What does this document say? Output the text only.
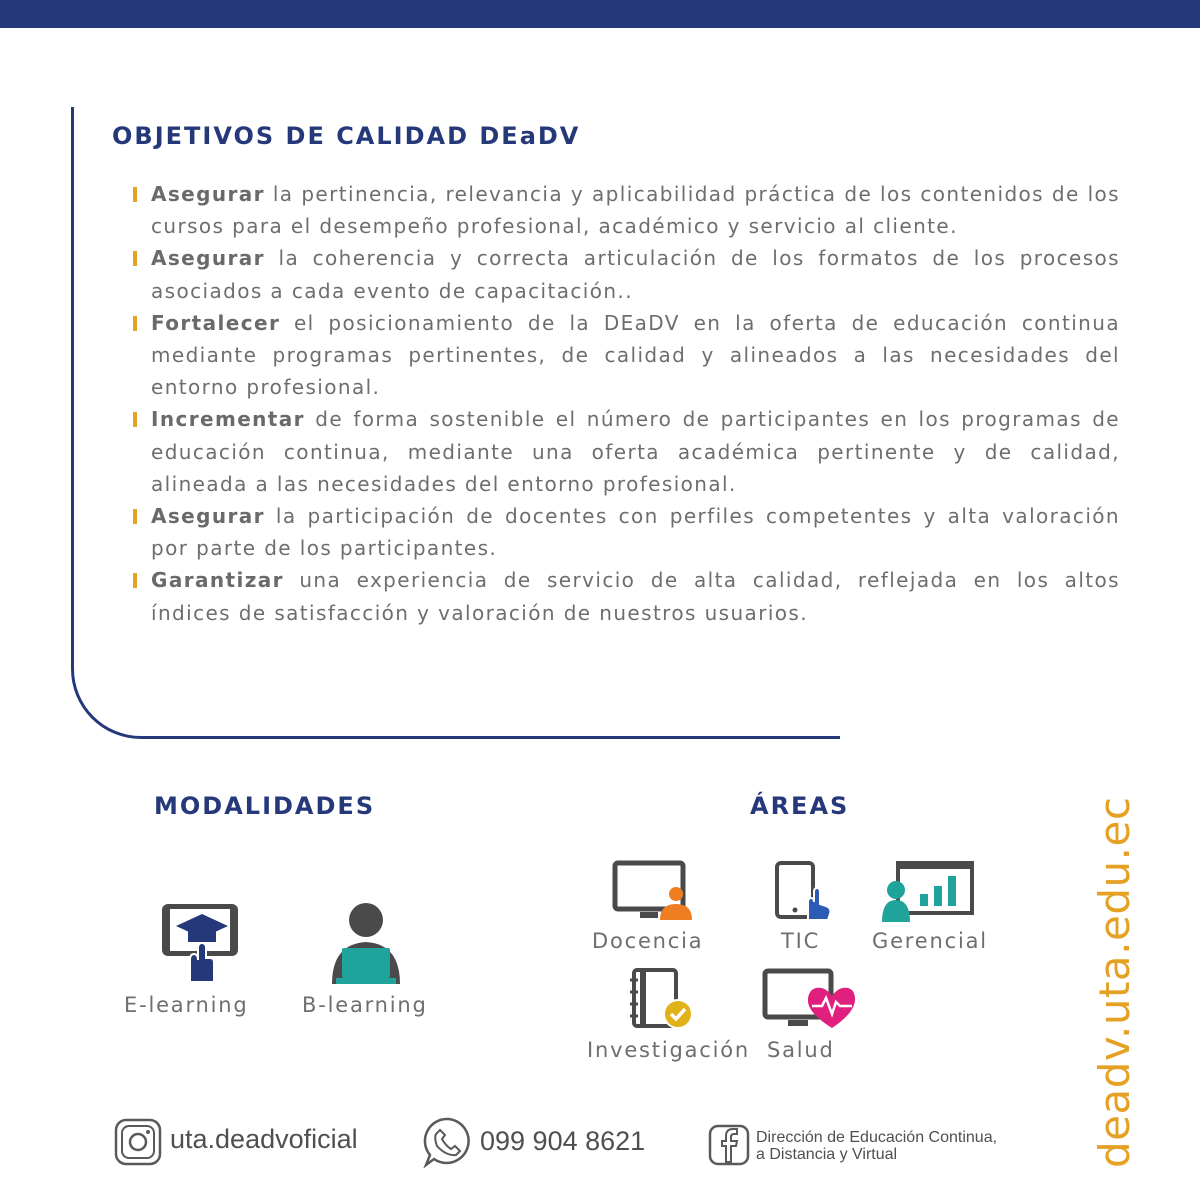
OBJETIVOS DE CALIDAD DEaDV
Asegurar la pertinencia, relevancia y aplicabilidad práctica de los contenidos de los cursos para el desempeño profesional, académico y servicio al cliente.
Asegurar la coherencia y correcta articulación de los formatos de los procesos asociados a cada evento de capacitación..
Fortalecer el posicionamiento de la DEaDV en la oferta de educación continua mediante programas pertinentes, de calidad y alineados a las necesidades del entorno profesional.
Incrementar de forma sostenible el número de participantes en los programas de educación continua, mediante una oferta académica pertinente y de calidad, alineada a las necesidades del entorno profesional.
Asegurar la participación de docentes con perfiles competentes y alta valoración por parte de los participantes.
Garantizar una experiencia de servicio de alta calidad, reflejada en los altos índices de satisfacción y valoración de nuestros usuarios.
MODALIDADES
E-learning	B-learning
ÁREAS
Docencia	TIC Gerencial
Investigación Salud
uta.deadvoficial	099 904 8621	Dirección de Educación Continua,
a Distancia y Virtual	deadv.uta.edu.ec
